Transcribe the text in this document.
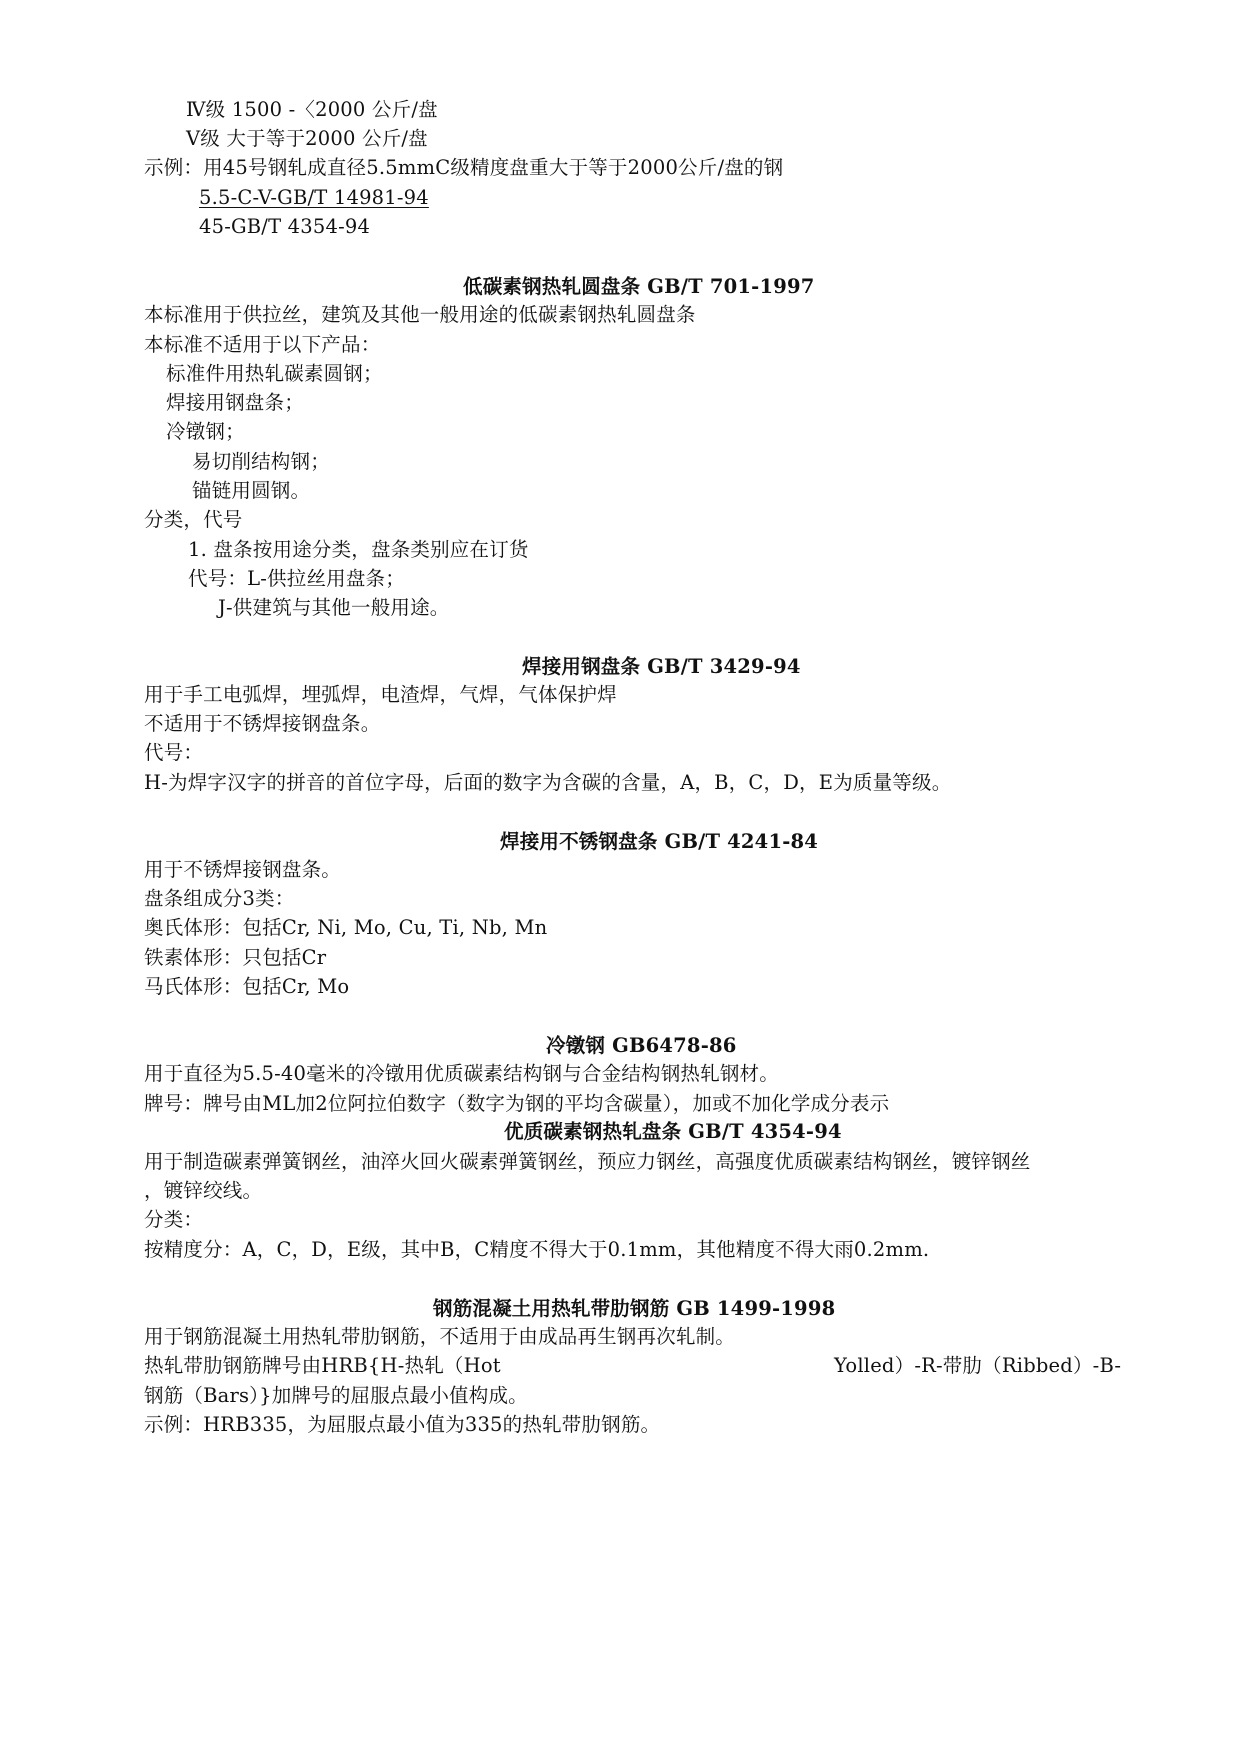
Ⅳ级 1500 -〈2000 公斤/盘
Ⅴ级 大于等于2000 公斤/盘
示例：用45号钢轧成直径5.5mmC级精度盘重大于等于2000公斤/盘的钢
5.5-C-V-GB/T 14981-94
45-GB/T 4354-94
低碳素钢热轧圆盘条 GB/T 701-1997
本标准用于供拉丝，建筑及其他一般用途的低碳素钢热轧圆盘条
本标准不适用于以下产品：
标准件用热轧碳素圆钢；
焊接用钢盘条；
冷镦钢；
易切削结构钢；
锚链用圆钢。
分类，代号
1. 盘条按用途分类，盘条类别应在订货
代号：L-供拉丝用盘条；
J-供建筑与其他一般用途。
焊接用钢盘条 GB/T 3429-94
用于手工电弧焊，埋弧焊，电渣焊，气焊，气体保护焊
不适用于不锈焊接钢盘条。
代号：
H-为焊字汉字的拼音的首位字母，后面的数字为含碳的含量，A，B，C，D，E为质量等级。
焊接用不锈钢盘条 GB/T 4241-84
用于不锈焊接钢盘条。
盘条组成分3类：
奥氏体形：包括Cr, Ni, Mo, Cu, Ti, Nb, Mn
铁素体形：只包括Cr
马氏体形：包括Cr, Mo
冷镦钢 GB6478-86
用于直径为5.5-40毫米的冷镦用优质碳素结构钢与合金结构钢热轧钢材。
牌号：牌号由ML加2位阿拉伯数字（数字为钢的平均含碳量），加或不加化学成分表示
优质碳素钢热轧盘条 GB/T 4354-94
用于制造碳素弹簧钢丝，油淬火回火碳素弹簧钢丝，预应力钢丝，高强度优质碳素结构钢丝，镀锌钢丝
，镀锌绞线。
分类：
按精度分：A，C，D，E级，其中B，C精度不得大于0.1mm，其他精度不得大雨0.2mm.
钢筋混凝土用热轧带肋钢筋 GB 1499-1998
用于钢筋混凝土用热轧带肋钢筋，不适用于由成品再生钢再次轧制。
热轧带肋钢筋牌号由HRB{H-热轧（Hot	Yolled）-R-带肋（Ribbed）-B-
钢筋（Bars）}加牌号的屈服点最小值构成。
示例：HRB335，为屈服点最小值为335的热轧带肋钢筋。
